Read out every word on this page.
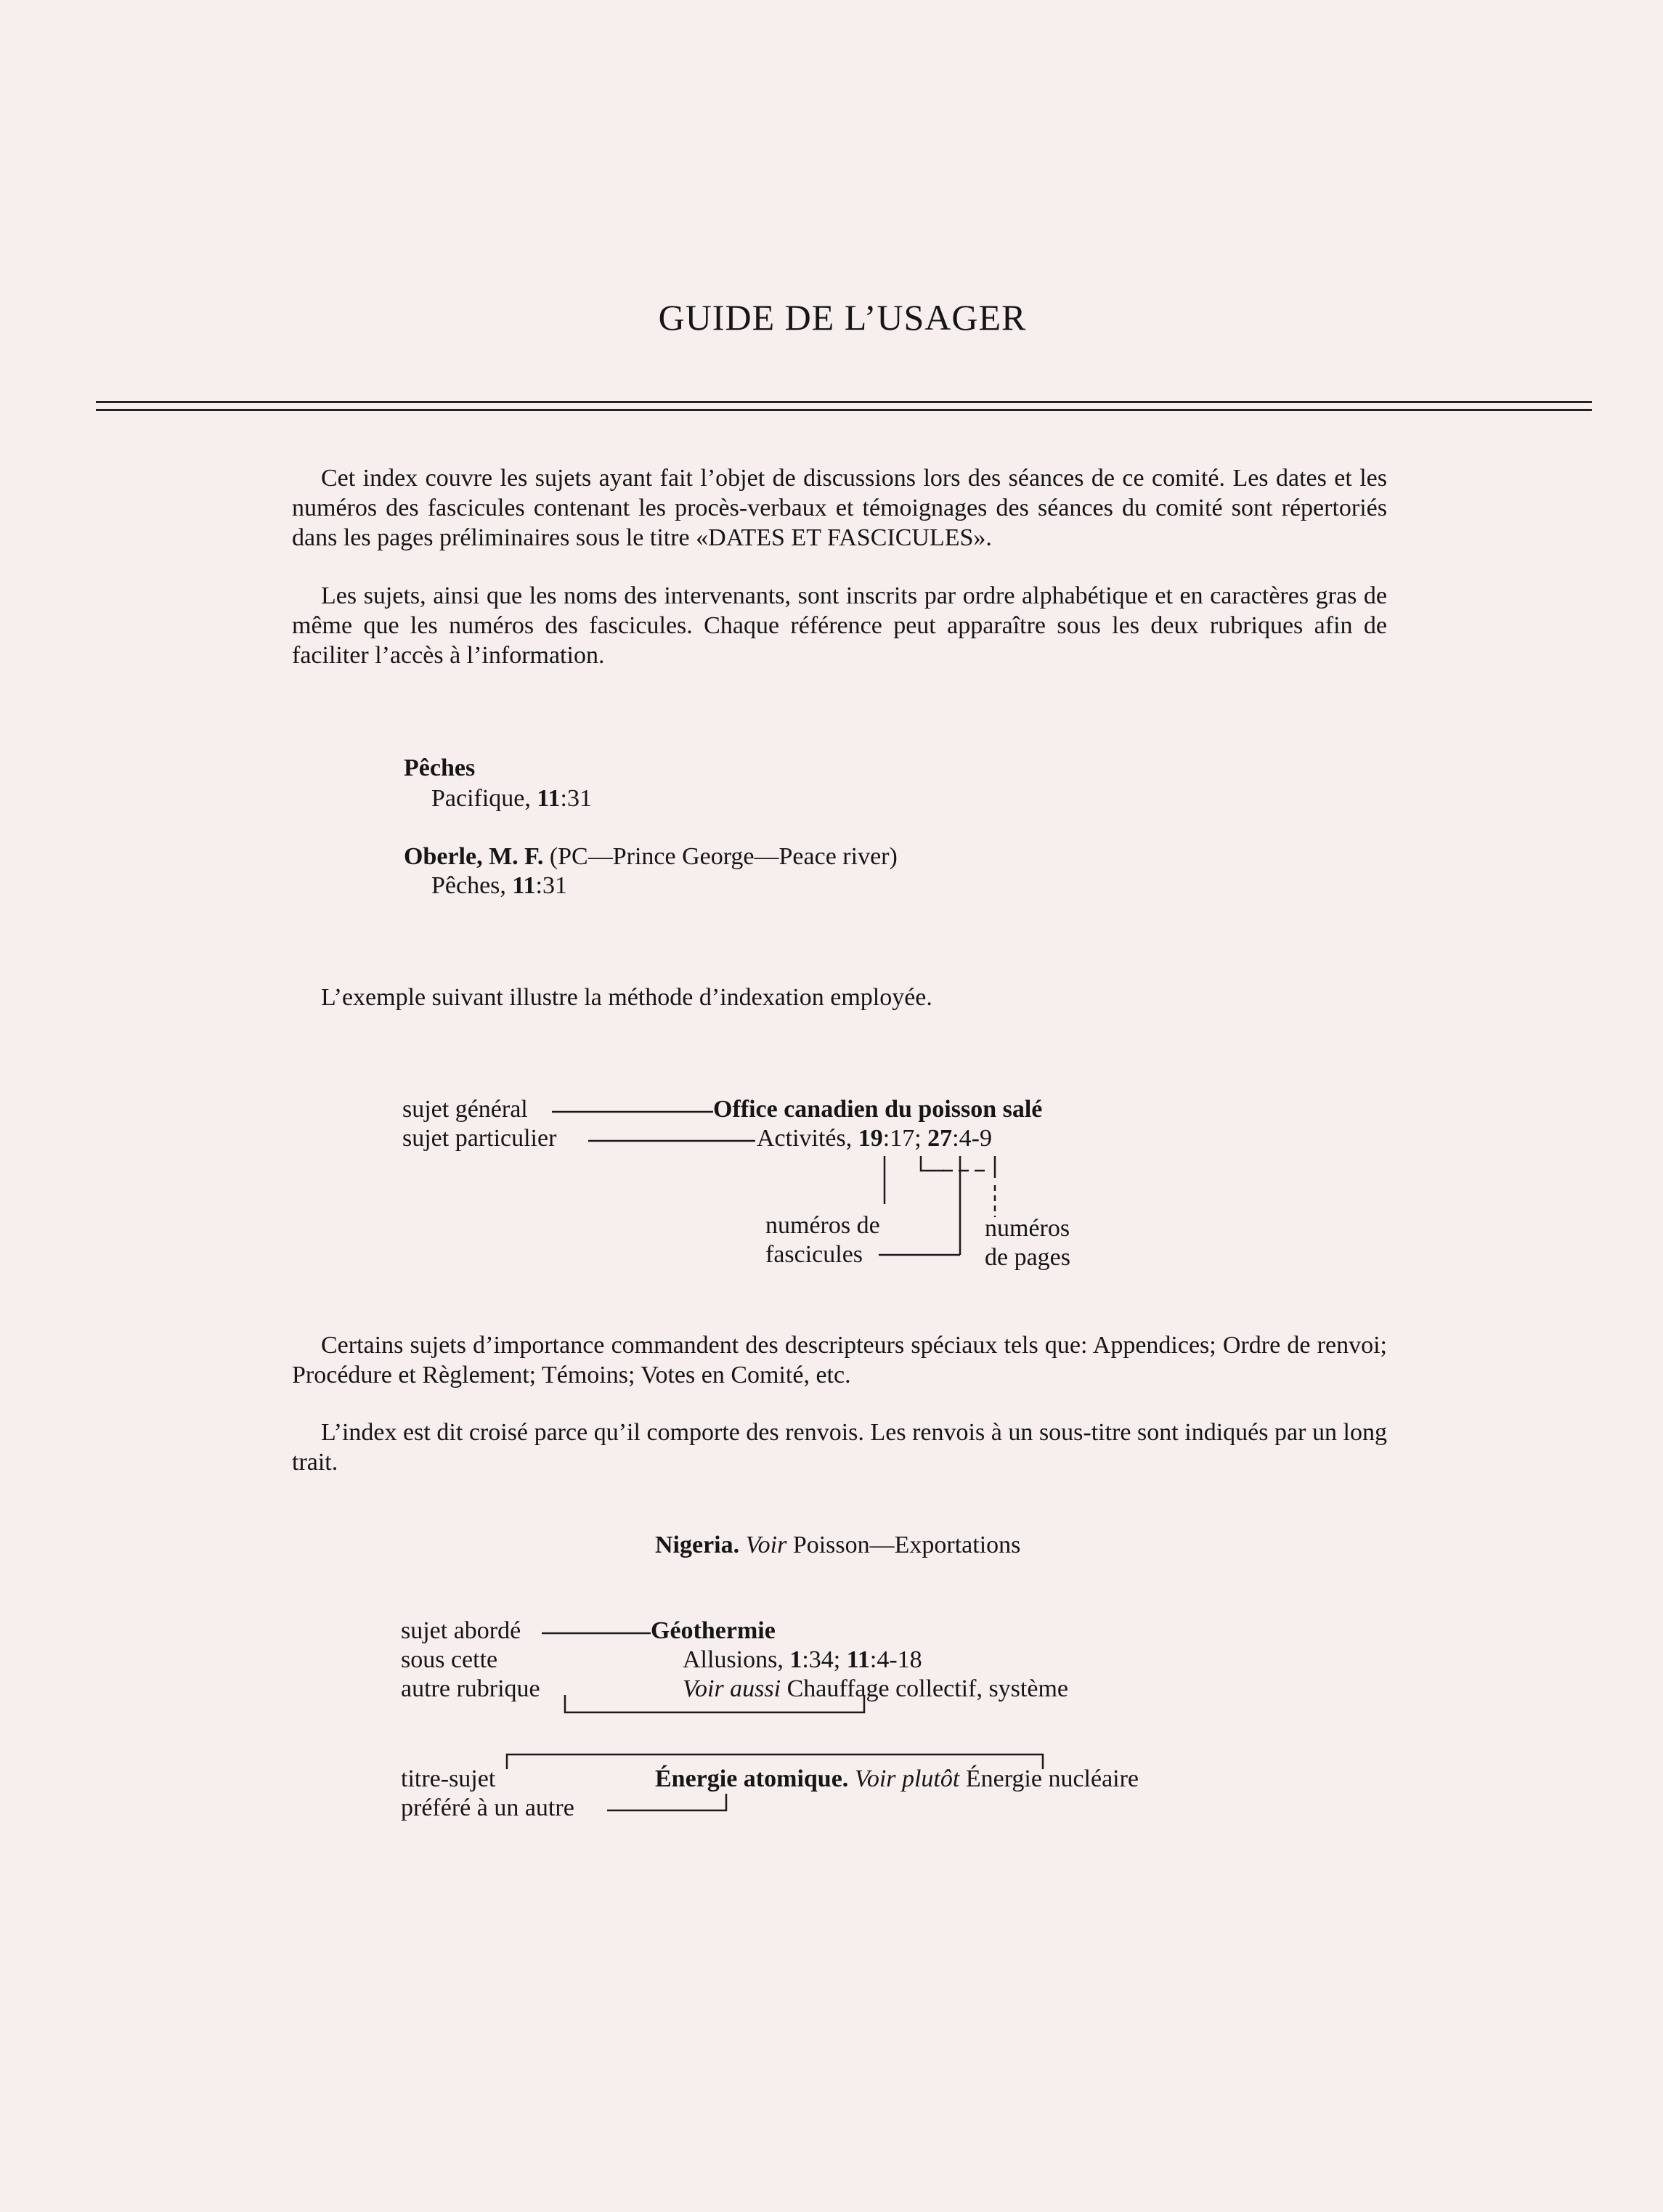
GUIDE DE L’USAGER
Cet index couvre les sujets ayant fait l’objet de discussions lors des séances de ce comité. Les dates et les numéros des fascicules contenant les procès-verbaux et témoignages des séances du comité sont répertoriés dans les pages préliminaires sous le titre «DATES ET FASCICULES».
Les sujets, ainsi que les noms des intervenants, sont inscrits par ordre alphabétique et en caractères gras de même que les numéros des fascicules. Chaque référence peut apparaître sous les deux rubriques afin de faciliter l’accès à l’information.
Pêches
Pacifique, 11:31
Oberle, M. F. (PC—Prince George—Peace river)
Pêches, 11:31
L’exemple suivant illustre la méthode d’indexation employée.
sujet général
sujet particulier
Office canadien du poisson salé
Activités, 19:17; 27:4-9
numéros de
fascicules
numéros
de pages
Certains sujets d’importance commandent des descripteurs spéciaux tels que: Appendices; Ordre de renvoi; Procédure et Règlement; Témoins; Votes en Comité, etc.
L’index est dit croisé parce qu’il comporte des renvois. Les renvois à un sous-titre sont indiqués par un long trait.
Nigeria. Voir Poisson—Exportations
sujet abordé
sous cette
autre rubrique
Géothermie
Allusions, 1:34; 11:4-18
Voir aussi Chauffage collectif, système
titre-sujet
préféré à un autre
Énergie atomique. Voir plutôt Énergie nucléaire
